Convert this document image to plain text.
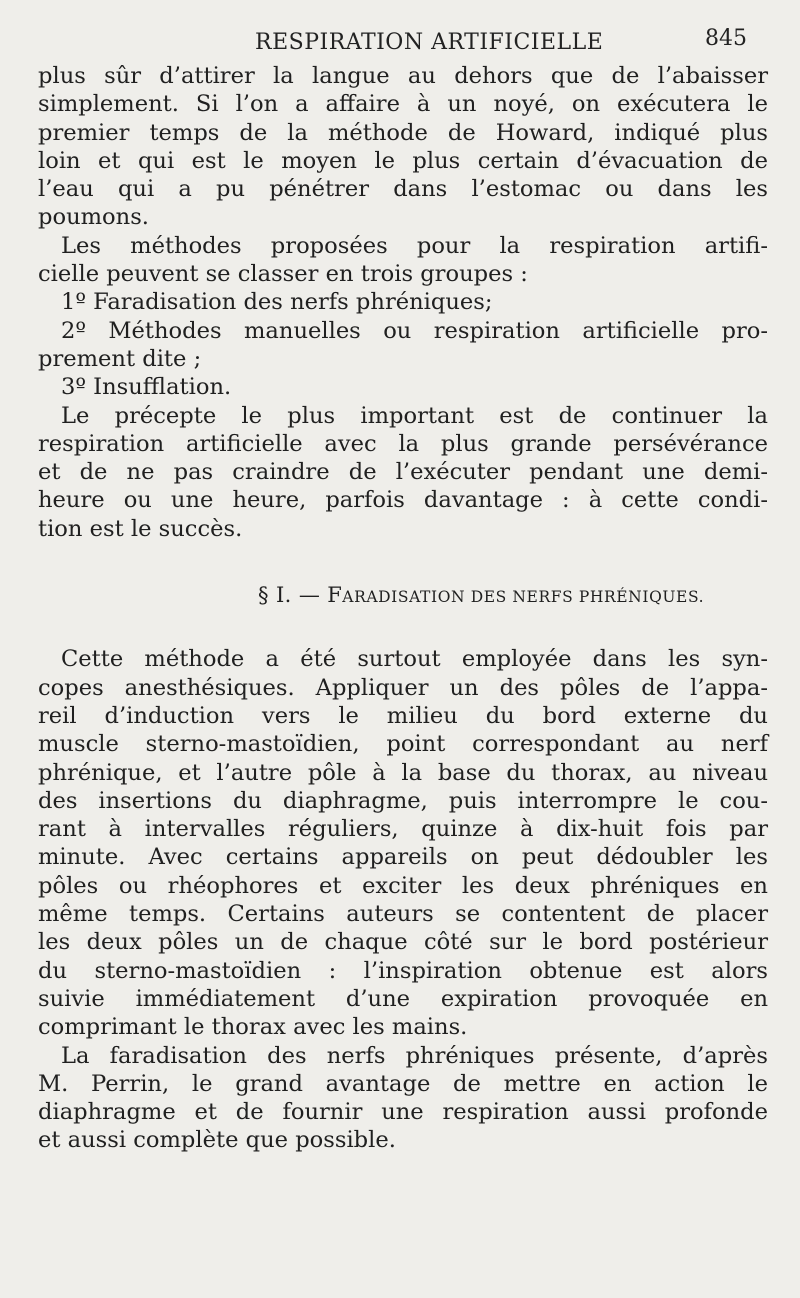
RESPIRATION ARTIFICIELLE	845
plus sûr d’attirer la langue au dehors que de l’abaisser
simplement. Si l’on a affaire à un noyé, on exécutera le
premier temps de la méthode de Howard, indiqué plus
loin et qui est le moyen le plus certain d’évacuation de
l’eau qui a pu pénétrer dans l’estomac ou dans les
poumons.
Les méthodes proposées pour la respiration artifi-
cielle peuvent se classer en trois groupes :
1º Faradisation des nerfs phréniques;
2º Méthodes manuelles ou respiration artificielle pro-
prement dite ;
3º Insufflation.
Le précepte le plus important est de continuer la
respiration artificielle avec la plus grande persévérance
et de ne pas craindre de l’exécuter pendant une demi-
heure ou une heure, parfois davantage : à cette condi-
tion est le succès.
§ I. — FARADISATION DES NERFS PHRÉNIQUES.
Cette méthode a été surtout employée dans les syn-
copes anesthésiques. Appliquer un des pôles de l’appa-
reil d’induction vers le milieu du bord externe du
muscle sterno-mastoïdien, point correspondant au nerf
phrénique, et l’autre pôle à la base du thorax, au niveau
des insertions du diaphragme, puis interrompre le cou-
rant à intervalles réguliers, quinze à dix-huit fois par
minute. Avec certains appareils on peut dédoubler les
pôles ou rhéophores et exciter les deux phréniques en
même temps. Certains auteurs se contentent de placer
les deux pôles un de chaque côté sur le bord postérieur
du sterno-mastoïdien : l’inspiration obtenue est alors
suivie immédiatement d’une expiration provoquée en
comprimant le thorax avec les mains.
La faradisation des nerfs phréniques présente, d’après
M. Perrin, le grand avantage de mettre en action le
diaphragme et de fournir une respiration aussi profonde
et aussi complète que possible.
